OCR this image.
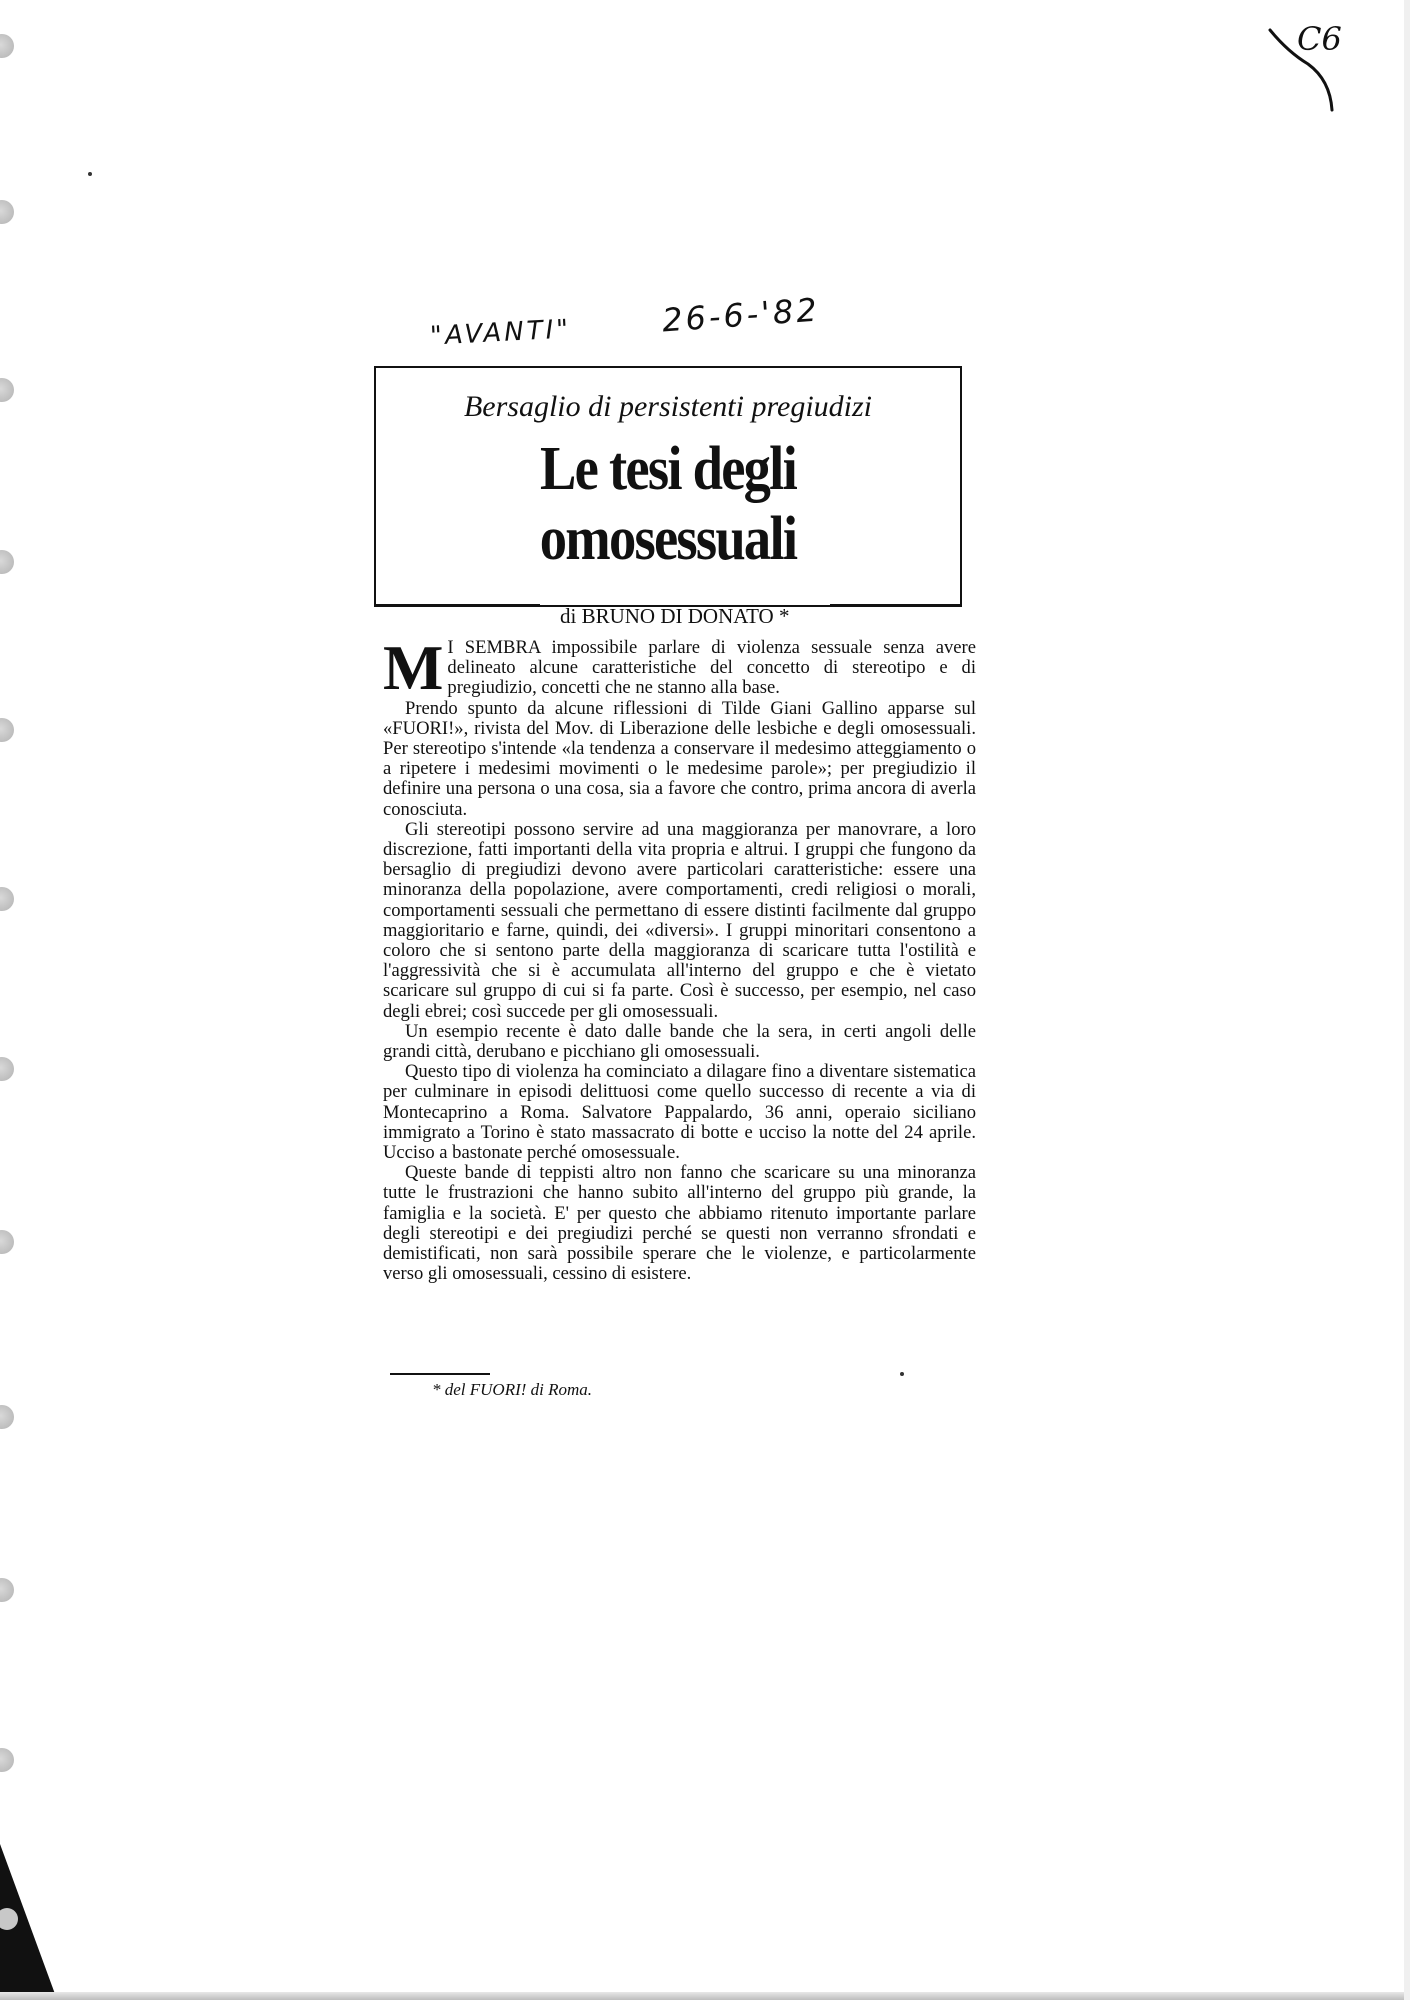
C6
"AVANTI"	26-6-'82
Bersaglio di persistenti pregiudizi
Le tesi degli
omosessuali
di BRUNO DI DONATO *

M I SEMBRA impossibile parlare di violenza sessuale senza avere delineato alcune caratteristiche del concetto di stereotipo e di pregiudizio, concetti che ne stanno alla base.

Prendo spunto da alcune riflessioni di Tilde Giani Gallino apparse sul «FUORI!», rivista del Mov. di Liberazione delle lesbiche e degli omosessuali. Per stereotipo s'intende «la tendenza a conservare il medesimo atteggiamento o a ripetere i medesimi movimenti o le medesime parole»; per pregiudizio il definire una persona o una cosa, sia a favore che contro, prima ancora di averla conosciuta.

Gli stereotipi possono servire ad una maggioranza per manovrare, a loro discrezione, fatti importanti della vita propria e altrui. I gruppi che fungono da bersaglio di pregiudizi devono avere particolari caratteristiche: essere una minoranza della popolazione, avere comportamenti, credi religiosi o morali, comportamenti sessuali che permettano di essere distinti facilmente dal gruppo maggioritario e farne, quindi, dei «diversi». I gruppi minoritari consentono a coloro che si sentono parte della maggioranza di scaricare tutta l'ostilità e l'aggressività che si è accumulata all'interno del gruppo e che è vietato scaricare sul gruppo di cui si fa parte. Così è successo, per esempio, nel caso degli ebrei; così succede per gli omosessuali.

Un esempio recente è dato dalle bande che la sera, in certi angoli delle grandi città, derubano e picchiano gli omosessuali.

Questo tipo di violenza ha cominciato a dilagare fino a diventare sistematica per culminare in episodi delittuosi come quello successo di recente a via di Montecaprino a Roma. Salvatore Pappalardo, 36 anni, operaio siciliano immigrato a Torino è stato massacrato di botte e ucciso la notte del 24 aprile. Ucciso a bastonate perché omosessuale.

Queste bande di teppisti altro non fanno che scaricare su una minoranza tutte le frustrazioni che hanno subito all'interno del gruppo più grande, la famiglia e la società. E' per questo che abbiamo ritenuto importante parlare degli stereotipi e dei pregiudizi perché se questi non verranno sfrondati e demistificati, non sarà possibile sperare che le violenze, e particolarmente verso gli omosessuali, cessino di esistere.

* del FUORI! di Roma.
